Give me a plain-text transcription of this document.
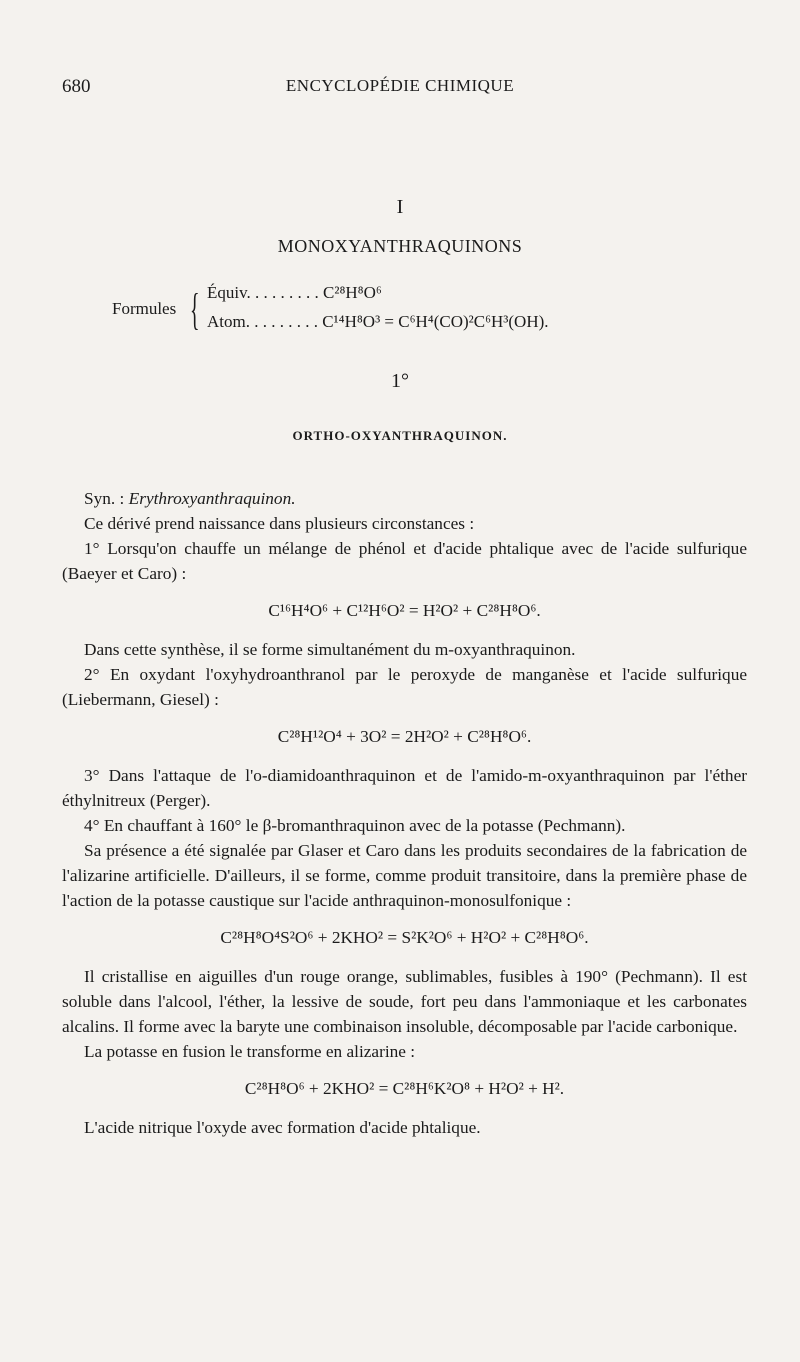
680	ENCYCLOPÉDIE CHIMIQUE
I
MONOXYANTHRAQUINONS
Formules { Équiv. . . . . . . . . C²⁸H⁸O⁶
Atom. . . . . . . . . C¹⁴H⁸O³ = C⁶H⁴(CO)²C⁶H³(OH).
1°
ORTHO-OXYANTHRAQUINON.

Syn. : Erythroxyanthraquinon.

Ce dérivé prend naissance dans plusieurs circonstances :

1° Lorsqu'on chauffe un mélange de phénol et d'acide phtalique avec de l'acide sulfurique (Baeyer et Caro) :

C¹⁶H⁴O⁶ + C¹²H⁶O² = H²O² + C²⁸H⁸O⁶.

Dans cette synthèse, il se forme simultanément du m-oxyanthraquinon.

2° En oxydant l'oxyhydroanthranol par le peroxyde de manganèse et l'acide sulfurique (Liebermann, Giesel) :

C²⁸H¹²O⁴ + 3O² = 2H²O² + C²⁸H⁸O⁶.

3° Dans l'attaque de l'o-diamidoanthraquinon et de l'amido-m-oxyanthraquinon par l'éther éthylnitreux (Perger).

4° En chauffant à 160° le β-bromanthraquinon avec de la potasse (Pechmann).

Sa présence a été signalée par Glaser et Caro dans les produits secondaires de la fabrication de l'alizarine artificielle. D'ailleurs, il se forme, comme produit transitoire, dans la première phase de l'action de la potasse caustique sur l'acide anthraquinon-monosulfonique :

C²⁸H⁸O⁴S²O⁶ + 2KHO² = S²K²O⁶ + H²O² + C²⁸H⁸O⁶.

Il cristallise en aiguilles d'un rouge orange, sublimables, fusibles à 190° (Pechmann). Il est soluble dans l'alcool, l'éther, la lessive de soude, fort peu dans l'ammoniaque et les carbonates alcalins. Il forme avec la baryte une combinaison insoluble, décomposable par l'acide carbonique.

La potasse en fusion le transforme en alizarine :

C²⁸H⁸O⁶ + 2KHO² = C²⁸H⁶K²O⁸ + H²O² + H².

L'acide nitrique l'oxyde avec formation d'acide phtalique.
